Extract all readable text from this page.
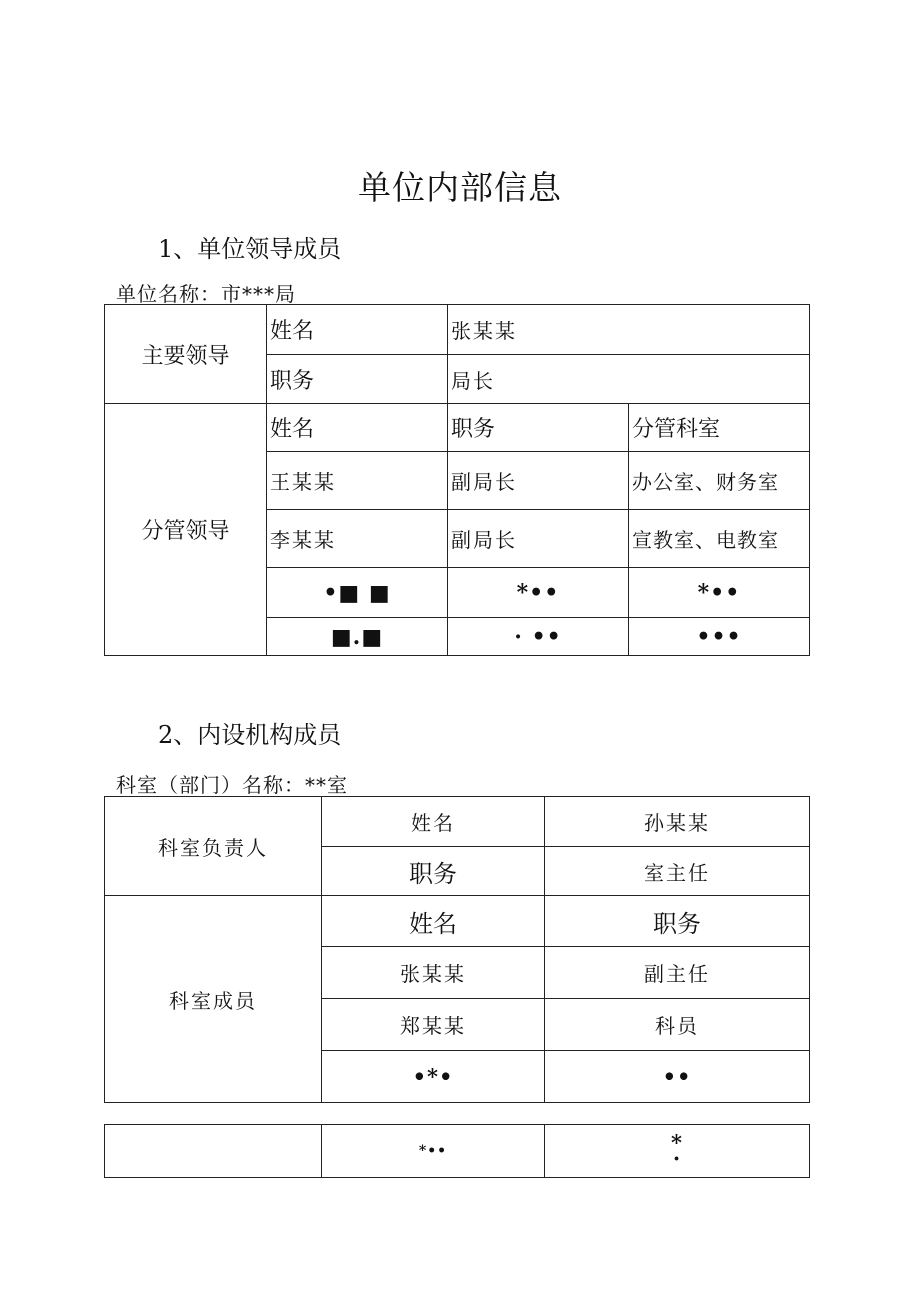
单位内部信息
1、单位领导成员
单位名称：市***局
主要领导	姓名	张某某	
	职务	局长	
分管领导	姓名	职务	分管科室
	王某某	副局长	办公室、财务室
	李某某	副局长	宣教室、电教室
	•■ ■	*••	*••
	■.■	· ••	•••
2、内设机构成员
科室（部门）名称：**室
科室负责人	姓名	孙某某
	职务	室主任
科室成员	姓名	职务
	张某某	副主任
	郑某某	科员
	•*•	••
	*••	*
·
